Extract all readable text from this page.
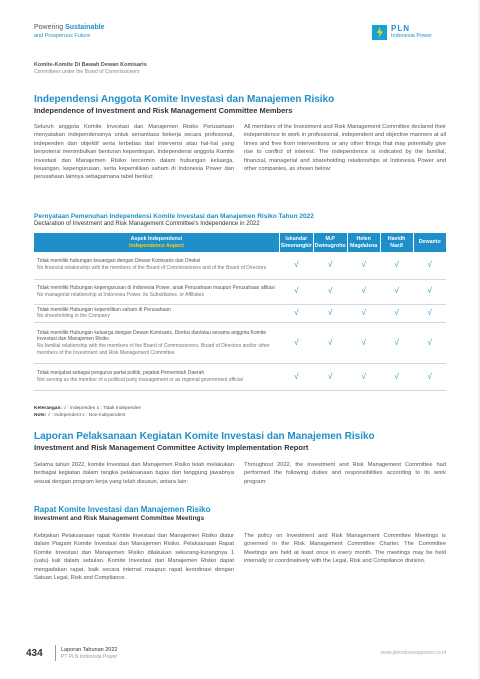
Powering Sustainable
and Prosperous Future
PLN
Indonesia Power
Komite-Komite Di Bawah Dewan Komisaris
Committees under the Board of Commissioners
Independensi Anggota Komite Investasi dan Manajemen Risiko
Independence of Investment and Risk Management Committee Members
Seluruh anggota Komite Investasi dan Manajemen Risiko Perusahaan menyatakan independensinya untuk senantiasa bekerja secara profesional, independen dan objektif serta terbebas dari intervensi atau hal-hal yang berpotensi menimbulkan benturan kepentingan. Independensi anggota Komite Investasi dan Manajemen Risiko tercermin dalam hubungan keluarga, keuangan, kepengurusan, serta kepemilikan saham di Indonesia Power dan perusahaan lainnya sebagaimana tabel berikut:
All members of the Investment and Risk Management Committee declared their independence to work in professional, independent and objective manners at all times and free from interventions or any other things that may potentially give rise to conflict of interest. The independence is indicated by the familial, financial, managerial and shareholding relationships at Indonesia Power and other companies, as shown below:
Pernyataan Pemenuhan Independensi Komite Investasi dan Manajemen Risiko Tahun 2022
Declaration of Investment and Risk Management Committee's Independence in 2022
Aspek Independensi
Independence Aspect	Iskandar Simorangkir	M.P Dwinugroho	Helen Magdalena	Havidh Nazif	Dewanto
Tidak memiliki hubungan keuangan dengan Dewan Komisaris dan Direksi
No financial relationship with the members of the Board of Commissioners and of the Board of Directors	√	√	√	√	√
Tidak memiliki Hubungan kepengurusan di Indonesia Power, anak Perusahaan maupun Perusahaan afiliasi
No managerial relationship at Indonesia Power, its Subsidiaries, or Affiliates	√	√	√	√	√
Tidak memiliki Hubungan kepemilikan saham di Perusahaan
No shareholding in the Company	√	√	√	√	√
Tidak memiliki Hubungan keluarga dengan Dewan Komisaris, Direksi dan/atau sesama anggota Komite Investasi dan Manajemen Risiko
No familial relationship with the members of the Board of Commissioners, Board of Directors and/or other members of the Investment and Risk Management Committee	√	√	√	√	√
Tidak menjabat sebagai pengurus partai politik, pejabat Pemerintah Daerah
Not serving as the member of a political party management or as regional government official	√	√	√	√	√
Keterangan: √ : Independen x : Tidak Independen
Note: √ : Independent x : Non-independent
Laporan Pelaksanaan Kegiatan Komite Investasi dan Manajemen Risiko
Investment and Risk Management Committee Activity Implementation Report
Selama tahun 2022, komite Investasi dan Manajemen Risiko telah melakukan berbagai kegiatan dalam rangka pelaksanaan tugas dan tanggung jawabnya sesuai dengan program kerja yang telah disusun, antara lain:
Throughout 2022, the Investment and Risk Management Committee had performed the following duties and responsibilities according to its work program:
Rapat Komite Investasi dan Manajemen Risiko
Investment and Risk Management Committee Meetings
Kebijakan Pelaksanaan rapat Komite Investasi dan Manajemen Risiko diatur dalam Piagam Komite Investasi dan Manajemen Risiko. Pelaksanaan Rapat Komite Investasi dan Manajemen Risiko dilakukan sekurang-kurangnya 1 (satu) kali dalam sebulan. Komite Investasi dan Manajemen Risiko dapat mengadakan rapat, baik secara internal maupun rapat koordinasi dengan Satuan Legal, Risk and Compliance.
The policy on Investment and Risk Management Committee Meetings is governed in the Risk Management Committee Charter. The Committee Meetings are held at least once in every month. The meetings may be held internally or coordinatively with the Legal, Risk and Compliance division.
434	Laporan Tahunan 2022
PT PLN Indonesia Power
www.plnindonesiapower.co.id
